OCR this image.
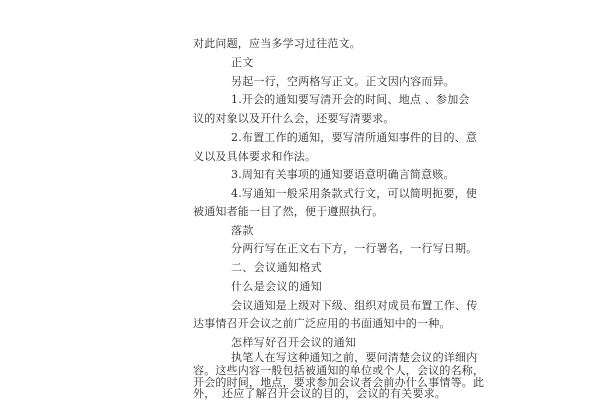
对此问题，应当多学习过往范文。
正文
另起一行，空两格写正文。正文因内容而异。
1.开会的通知要写清开会的时间、地点 、参加会
议的对象以及开什么会，还要写清要求。
2.布置工作的通知，要写清所通知事件的目的、意
义以及具体要求和作法。
3.周知有关事项的通知要语意明确言简意赅。
4.写通知一般采用条款式行文，可以简明扼要，使
被通知者能一目了然，便于遵照执行。
落款
分两行写在正文右下方，一行署名，一行写日期。
二、会议通知格式
什么是会议的通知
会议通知是上级对下级、组织对成员布置工作、传
达事情召开会议之前广泛应用的书面通知中的一种。
怎样写好召开会议的通知
执笔人在写这种通知之前，要问清楚会议的详细内
容。这些内容一般包括被通知的单位或个人，会议的名称，
开会的时间，地点，要求参加会议者会前办什么事情等。此
外， 还应了解召开会议的目的，会议的有关要求。
